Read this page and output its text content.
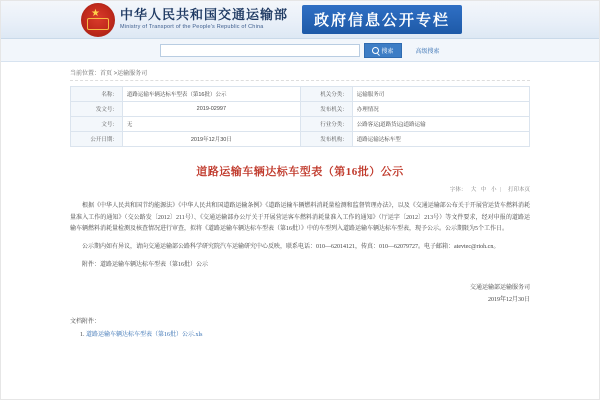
★ 中华人民共和国交通运输部
Ministry of Transport of the People's Republic of China	政府信息公开专栏
搜索	高级搜索
当前位置：首页 >运输服务司
名称：	道路运输车辆达标车型表（第16批）公示	机关分类：	运输服务司
发文号：	2019-02997	发布机关：	办理情况
文号：	无	行业分类：	公路客运|道路货运|道路运输
公开日期：	2019年12月30日	发布机构：	道路运输达标车型
道路运输车辆达标车型表（第16批）公示
字体： 大 中 小 | 打印本页

根据《中华人民共和国节约能源法》《中华人民共和国道路运输条例》《道路运输车辆燃料消耗量检测和监督管理办法》，以及《交通运输部公布关于开展营运货车燃料消耗量准入工作的通知》（交公路发〔2012〕211号）、《交通运输部办公厅关于开展营运客车燃料消耗量准入工作的通知》（厅运字〔2012〕213号）等文件要求，经对申报的道路运输车辆燃料消耗量检测及核查情况进行审查，拟将《道路运输车辆达标车型表（第16批）》中的车型列入道路运输车辆达标车型表，现予公示。公示期限为5个工作日。

公示期内如有异议，请向交通运输部公路科学研究院汽车运输研究中心反映，联系电话：010—62014121，传真：010—62079727。电子邮箱：atevtec@rioh.cn。

附件：道路运输车辆达标车型表（第16批）公示
交通运输部运输服务司
2019年12月30日
文档附件：
1. 道路运输车辆达标车型表（第16批）公示.xls
